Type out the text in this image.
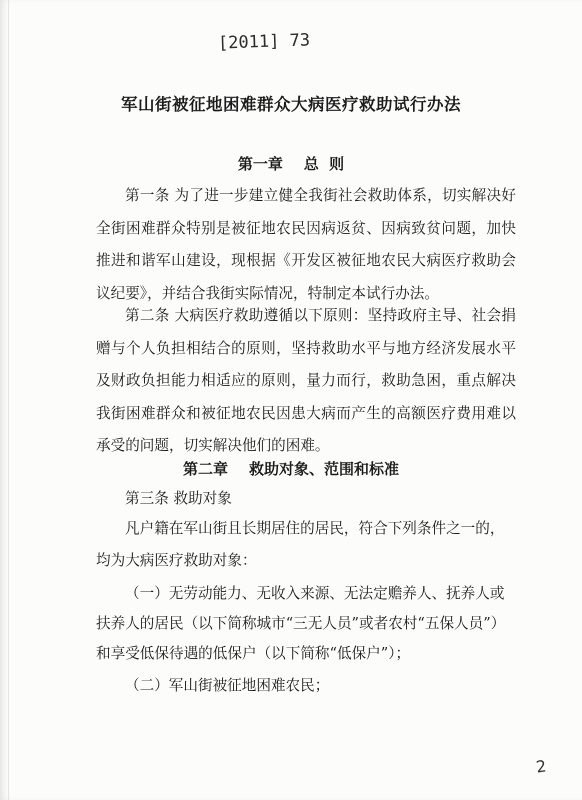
[2011] 73
军山街被征地困难群众大病医疗救助试行办法
第一章 总  则

第一条 为了进一步建立健全我街社会救助体系，切实解决好全街困难群众特别是被征地农民因病返贫、因病致贫问题，加快推进和谐军山建设，现根据《开发区被征地农民大病医疗救助会议纪要》，并结合我街实际情况，特制定本试行办法。

第二条 大病医疗救助遵循以下原则：坚持政府主导、社会捐赠与个人负担相结合的原则，坚持救助水平与地方经济发展水平及财政负担能力相适应的原则，量力而行，救助急困，重点解决我街困难群众和被征地农民因患大病而产生的高额医疗费用难以承受的问题，切实解决他们的困难。

第二章 救助对象、范围和标准
第三条 救助对象
凡户籍在军山街且长期居住的居民，符合下列条件之一的，
均为大病医疗救助对象：
（一）无劳动能力、无收入来源、无法定赡养人、抚养人或
扶养人的居民（以下简称城市“三无人员”或者农村“五保人员”）
和享受低保待遇的低保户（以下简称“低保户”）；
（二）军山街被征地困难农民；
2
